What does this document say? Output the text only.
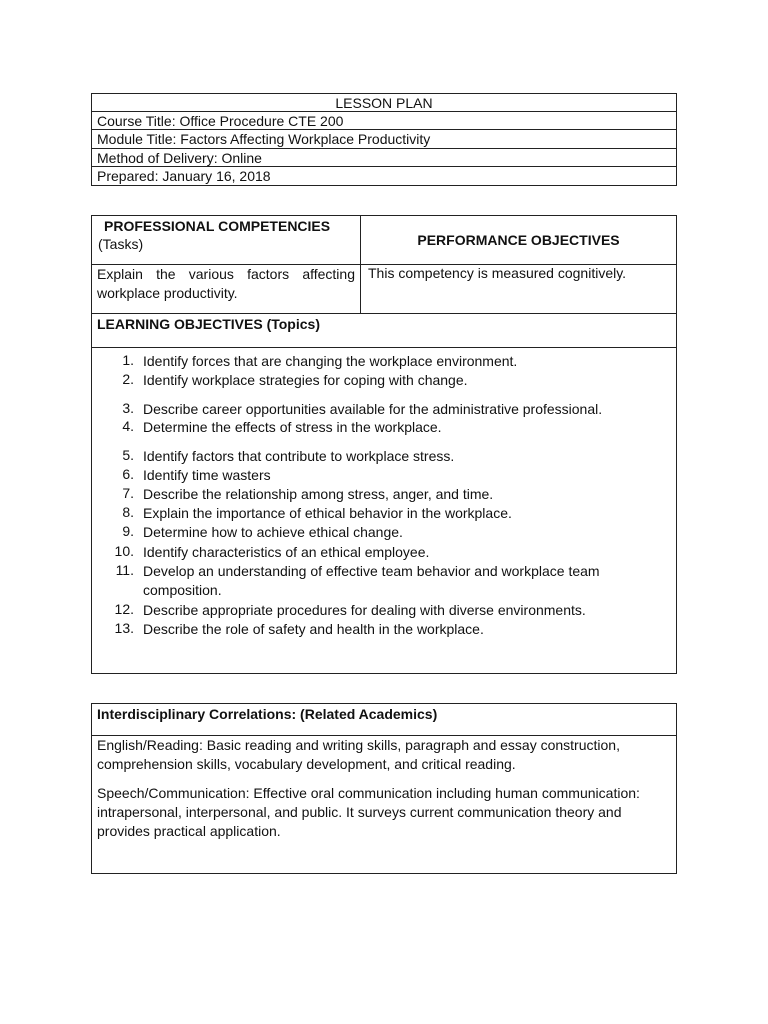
LESSON PLAN
Course Title: Office Procedure CTE 200
Module Title: Factors Affecting Workplace Productivity
Method of Delivery: Online
Prepared: January 16, 2018
PROFESSIONAL COMPETENCIES
(Tasks)	PERFORMANCE OBJECTIVES
Explain the various factors affecting workplace productivity.
This competency is measured cognitively.
LEARNING OBJECTIVES (Topics)
1. Identify forces that are changing the workplace environment.
2. Identify workplace strategies for coping with change.
3. Describe career opportunities available for the administrative professional.
4. Determine the effects of stress in the workplace.
5. Identify factors that contribute to workplace stress.
6. Identify time wasters
7. Describe the relationship among stress, anger, and time.
8. Explain the importance of ethical behavior in the workplace.
9. Determine how to achieve ethical change.
10. Identify characteristics of an ethical employee.
11. Develop an understanding of effective team behavior and workplace team composition.
12. Describe appropriate procedures for dealing with diverse environments.
13. Describe the role of safety and health in the workplace.
Interdisciplinary Correlations: (Related Academics)
English/Reading: Basic reading and writing skills, paragraph and essay construction, comprehension skills, vocabulary development, and critical reading.
Speech/Communication: Effective oral communication including human communication: intrapersonal, interpersonal, and public. It surveys current communication theory and provides practical application.
